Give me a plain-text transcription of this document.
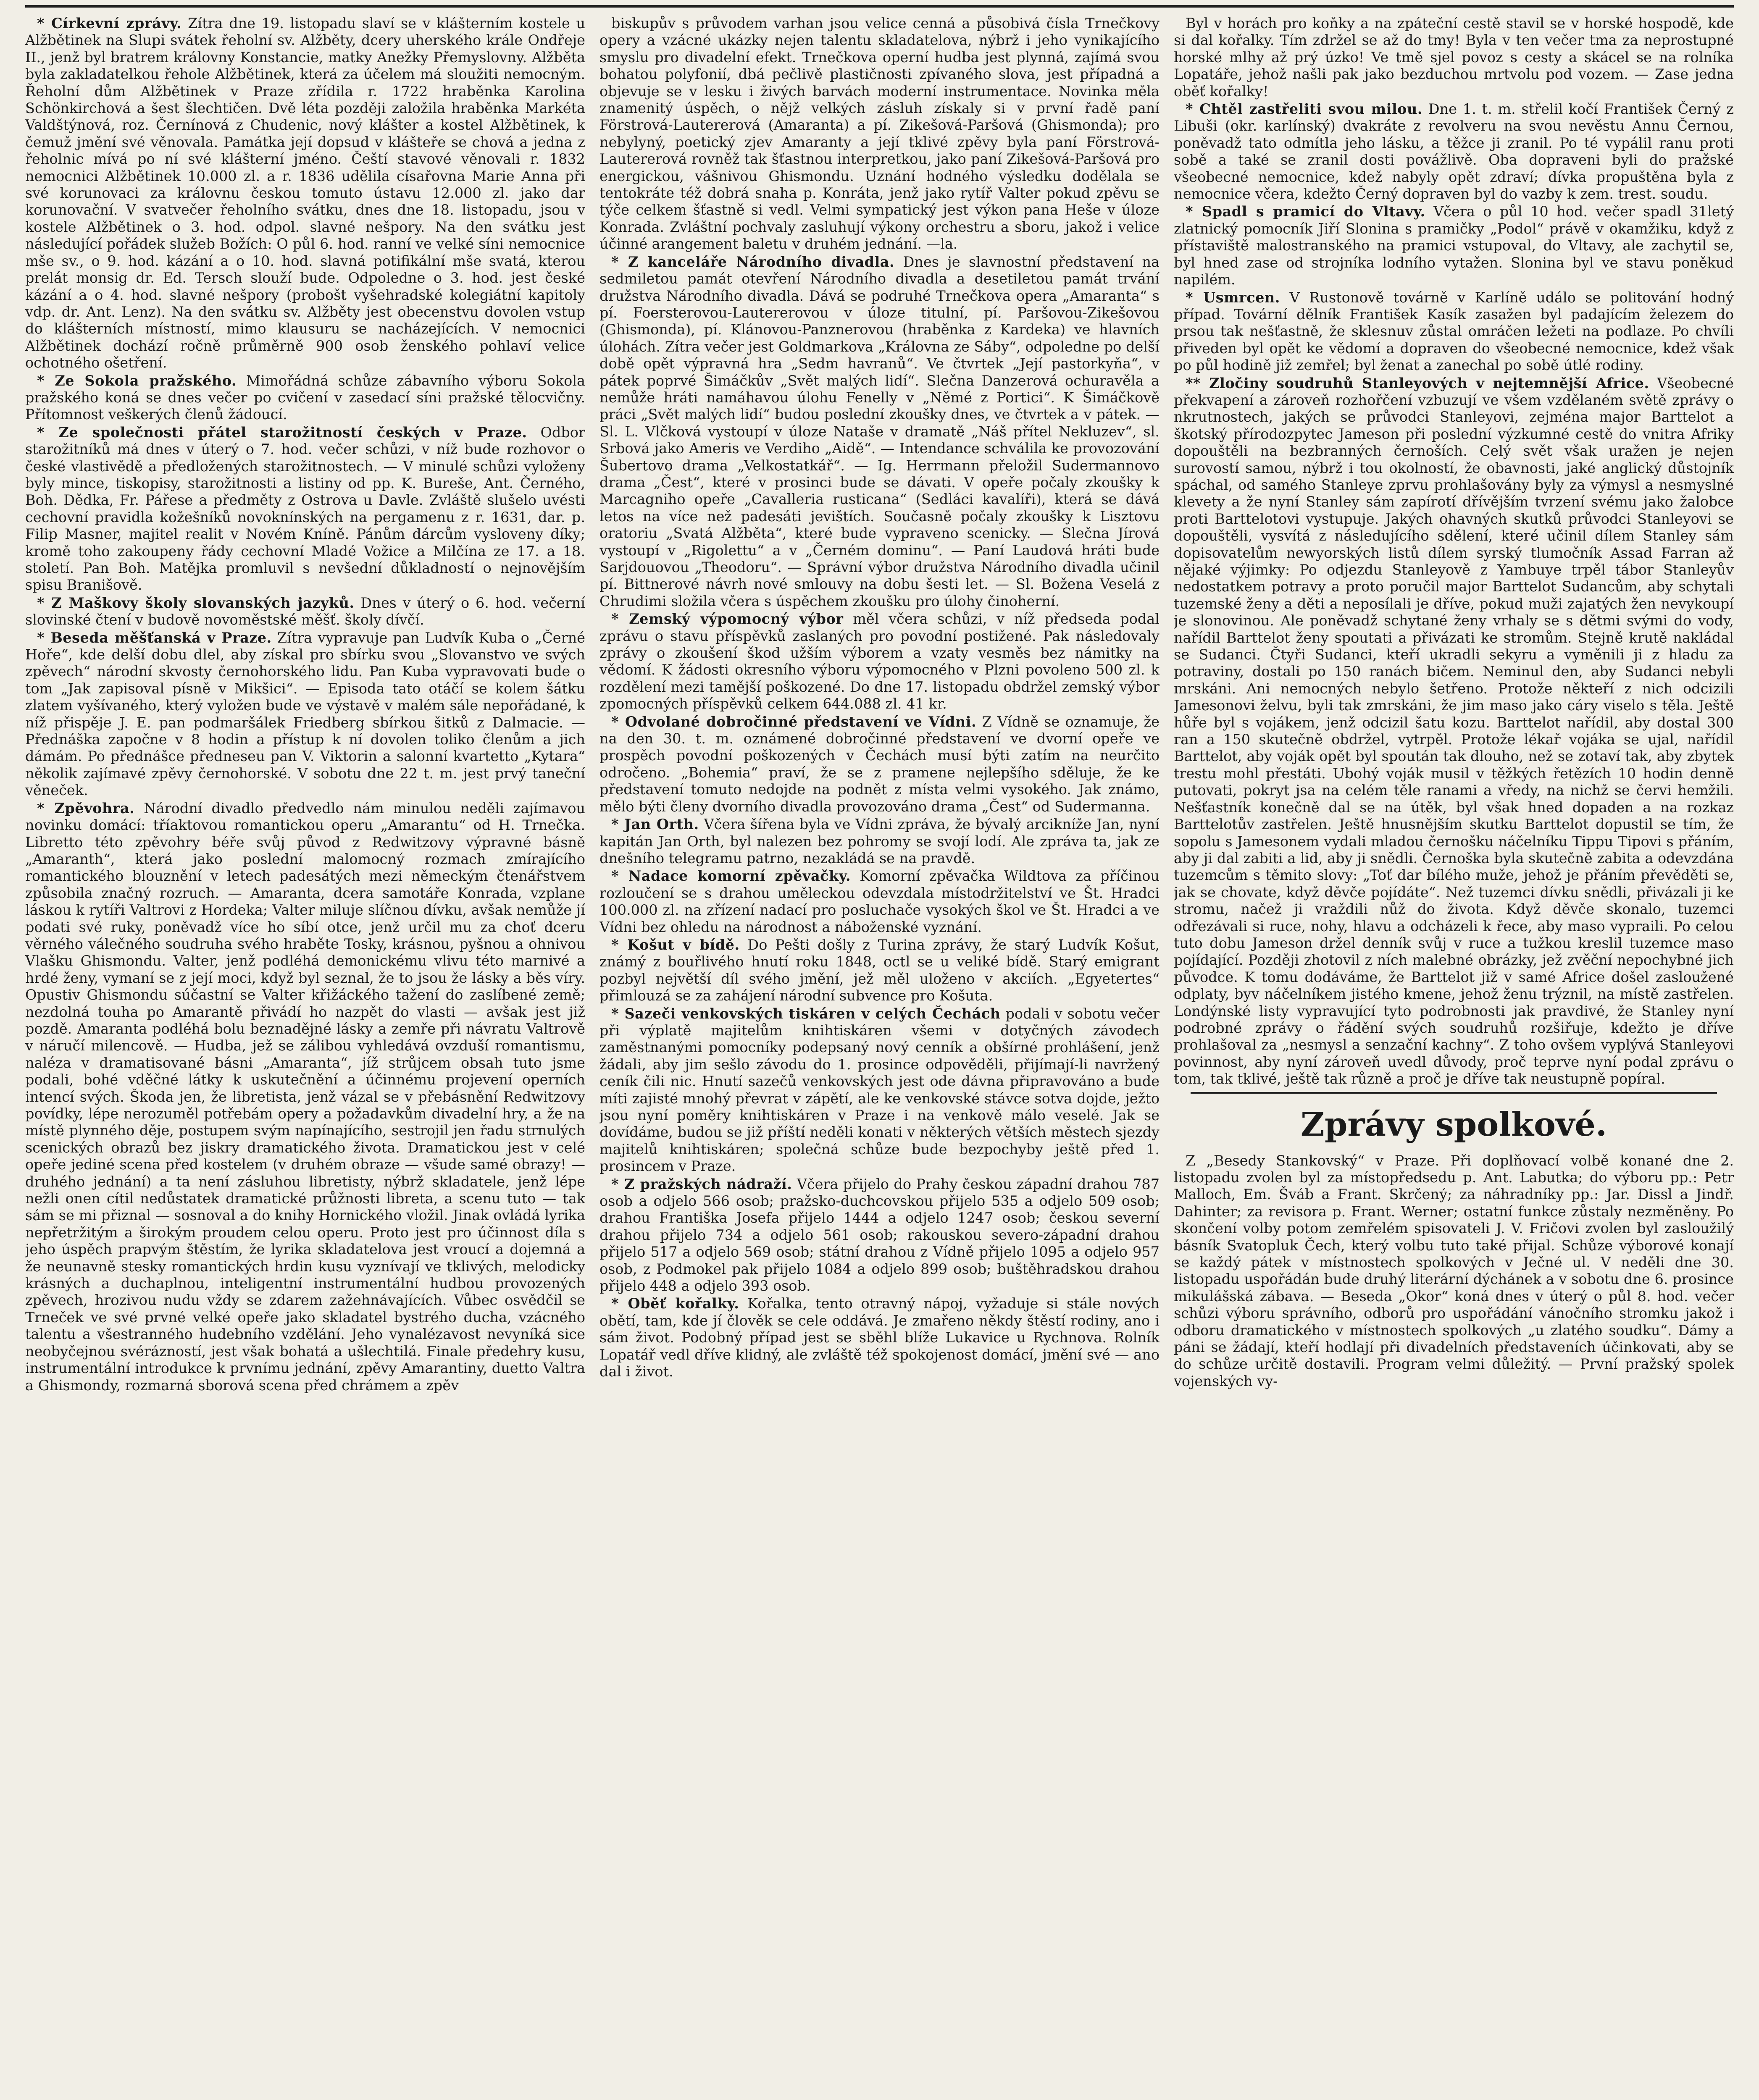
* Církevní zprávy. Zítra dne 19. listopadu slaví se v klášterním kostele u Alžbětinek na Slupi svátek řeholní sv. Alžběty, dcery uherského krále Ondřeje II., jenž byl bratrem královny Konstancie, matky Anežky Přemyslovny. Alžběta byla zakladatelkou řehole Alžbětinek, která za účelem má sloužiti nemocným. Řeholní dům Alžbětinek v Praze zřídila r. 1722 hraběnka Karolina Schönkirchová a šest šlechtičen. Dvě léta později založila hraběnka Markéta Valdštýnová, roz. Černínová z Chudenic, nový klášter a kostel Alžbětinek, k čemuž jmění své věnovala. Památka její dopsud v klášteře se chová a jedna z řeholnic mívá po ní své klášterní jméno. Čeští stavové věnovali r. 1832 nemocnici Alžbětinek 10.000 zl. a r. 1836 udělila císařovna Marie Anna při své korunovaci za královnu českou tomuto ústavu 12.000 zl. jako dar korunovační. V svatvečer řeholního svátku, dnes dne 18. listopadu, jsou v kostele Alžbětinek o 3. hod. odpol. slavné nešpory. Na den svátku jest následující pořádek služeb Božích: O půl 6. hod. ranní ve velké síni nemocnice mše sv., o 9. hod. kázání a o 10. hod. slavná potifikální mše svatá, kterou prelát monsig dr. Ed. Tersch slouží bude. Odpoledne o 3. hod. jest české kázání a o 4. hod. slavné nešpory (probošt vyšehradské kolegiátní kapitoly vdp. dr. Ant. Lenz). Na den svátku sv. Alžběty jest obecenstvu dovolen vstup do klášterních místností, mimo klausuru se nacházejících. V nemocnici Alžbětinek dochází ročně průměrně 900 osob ženského pohlaví velice ochotného ošetření.

* Ze Sokola pražského. Mimořádná schůze zábavního výboru Sokola pražského koná se dnes večer po cvičení v zasedací síni pražské tělocvičny. Přítomnost veškerých členů žádoucí.

* Ze společnosti přátel starožitností českých v Praze. Odbor starožitníků má dnes v úterý o 7. hod. večer schůzi, v níž bude rozhovor o české vlastivědě a předložených starožitnostech. — V minulé schůzi vyloženy byly mince, tiskopisy, starožitnosti a listiny od pp. K. Bureše, Ant. Černého, Boh. Dědka, Fr. Pářese a předměty z Ostrova u Davle. Zvláště slušelo uvésti cechovní pravidla kožešníků novoknínských na pergamenu z r. 1631, dar. p. Filip Masner, majitel realit v Novém Kníně. Pánům dárcům vysloveny díky; kromě toho zakoupeny řády cechovní Mladé Vožice a Milčína ze 17. a 18. století. Pan Boh. Matějka promluvil s nevšední důkladností o nejnovějším spisu Branišově.

* Z Maškovy školy slovanských jazyků. Dnes v úterý o 6. hod. večerní slovinské čtení v budově novoměstské měšť. školy dívčí.

* Beseda měšťanská v Praze. Zítra vypravuje pan Ludvík Kuba o „Černé Hoře“, kde delší dobu dlel, aby získal pro sbírku svou „Slovanstvo ve svých zpěvech“ národní skvosty černohorského lidu. Pan Kuba vypravovati bude o tom „Jak zapisoval písně v Mikšici“. — Episoda tato otáčí se kolem šátku zlatem vyšívaného, který vyložen bude ve výstavě v malém sále nepořádané, k níž přispěje J. E. pan podmaršálek Friedberg sbírkou šitků z Dalmacie. — Přednáška započne v 8 hodin a přístup k ní dovolen toliko členům a jich dámám. Po přednášce předneseu pan V. Viktorin a salonní kvartetto „Kytara“ několik zajímavé zpěvy černohorské. V sobotu dne 22 t. m. jest prvý taneční věneček.

* Zpěvohra. Národní divadlo předvedlo nám minulou neděli zajímavou novinku domácí: tříaktovou romantickou operu „Amarantu“ od H. Trnečka. Libretto této zpěvohry béře svůj původ z Redwitzovy výpravné básně „Amaranth“, která jako poslední malomocný rozmach zmírajícího romantického blouznění v letech padesátých mezi německým čtenářstvem způsobila značný rozruch. — Amaranta, dcera samotáře Konrada, vzplane láskou k rytíři Valtrovi z Hordeka; Valter miluje slíčnou dívku, avšak nemůže jí podati své ruky, poněvadž více ho síbí otce, jenž určil mu za choť dceru věrného válečného soudruha svého hraběte Tosky, krásnou, pyšnou a ohnivou Vlašku Ghismondu. Valter, jenž podléhá demonickému vlivu této marnivé a hrdé ženy, vymaní se z její moci, když byl seznal, že to jsou že lásky a běs víry. Opustiv Ghismondu súčastní se Valter křižáckého tažení do zaslíbené země; nezdolná touha po Amarantě přivádí ho nazpět do vlasti — avšak jest již pozdě. Amaranta podléhá bolu beznadějné lásky a zemře při návratu Valtrově v náručí milencově. — Hudba, jež se zálibou vyhledává ovzduší romantismu, naléza v dramatisované básni „Amaranta“, jíž strůjcem obsah tuto jsme podali, bohé vděčné látky k uskutečnění a účinnému projevení operních intencí svých. Škoda jen, že libretista, jenž vázal se v přebásnění Redwitzovy povídky, lépe nerozuměl potřebám opery a požadavkům divadelní hry, a že na místě plynného děje, postupem svým napínajícího, sestrojil jen řadu strnulých scenických obrazů bez jiskry dramatického života. Dramatickou jest v celé opeře jediné scena před kostelem (v druhém obraze — všude samé obrazy! — druhého jednání) a ta není zásluhou libretisty, nýbrž skladatele, jenž lépe nežli onen cítil nedůstatek dramatické průžnosti libreta, a scenu tuto — tak sám se mi přiznal — sosnoval a do knihy Hornického vložil. Jinak ovládá lyrika nepřetržitým a širokým proudem celou operu. Proto jest pro účinnost díla s jeho úspěch prapvým štěstím, že lyrika skladatelova jest vroucí a dojemná a že neunavně stesky romantických hrdin kusu vyznívají ve tklivých, melodicky krásných a duchaplnou, inteligentní instrumentální hudbou provozených zpěvech, hrozivou nudu vždy se zdarem zažehnávajících. Vůbec osvědčil se Trneček ve své prvné velké opeře jako skladatel bystrého ducha, vzácného talentu a všestranného hudebního vzdělání. Jeho vynalézavost nevyníká sice neobyčejnou svérázností, jest však bohatá a ušlechtilá. Finale předehry kusu, instrumentální introdukce k prvnímu jednání, zpěvy Amarantiny, duetto Valtra a Ghismondy, rozmarná sborová scena před chrámem a zpěv

biskupův s průvodem varhan jsou velice cenná a působivá čísla Trnečkovy opery a vzácné ukázky nejen talentu skladatelova, nýbrž i jeho vynikajícího smyslu pro divadelní efekt. Trnečkova operní hudba jest plynná, zajímá svou bohatou polyfonií, dbá pečlivě plastičnosti zpívaného slova, jest případná a objevuje se v lesku i živých barvách moderní instrumentace. Novinka měla znamenitý úspěch, o nějž velkých zásluh získaly si v první řadě paní Förstrová-Lautererová (Amaranta) a pí. Zikešová-Paršová (Ghismonda); pro nebylyný, poetický zjev Amaranty a její tklivé zpěvy byla paní Förstrová-Lautererová rovněž tak šťastnou interpretkou, jako paní Zikešová-Paršová pro energickou, vášnivou Ghismondu. Uznání hodného výsledku dodělala se tentokráte též dobrá snaha p. Konráta, jenž jako rytíř Valter pokud zpěvu se týče celkem šťastně si vedl. Velmi sympatický jest výkon pana Heše v úloze Konrada. Zvláštní pochvaly zasluhují výkony orchestru a sboru, jakož i velice účinné arangement baletu v druhém jednání. —la.

* Z kanceláře Národního divadla. Dnes je slavnostní představení na sedmiletou památ otevření Národního divadla a desetiletou památ trvání družstva Národního divadla. Dává se podruhé Trnečkova opera „Amaranta“ s pí. Foersterovou-Lautererovou v úloze titulní, pí. Paršovou-Zikešovou (Ghismonda), pí. Klánovou-Panznerovou (hraběnka z Kardeka) ve hlavních úlohách. Zítra večer jest Goldmarkova „Královna ze Sáby“, odpoledne po delší době opět výpravná hra „Sedm havranů“. Ve čtvrtek „Její pastorkyňa“, v pátek poprvé Šimáčkův „Svět malých lidí“. Slečna Danzerová ochuravěla a nemůže hráti namáhavou úlohu Fenelly v „Němé z Portici“. K Šimáčkově práci „Svět malých lidí“ budou poslední zkoušky dnes, ve čtvrtek a v pátek. — Sl. L. Vlčková vystoupí v úloze Nataše v dramatě „Náš přítel Nekluzev“, sl. Srbová jako Ameris ve Verdiho „Aidě“. — Intendance schválila ke provozování Šubertovo drama „Velkostatkář“. — Ig. Herrmann přeložil Sudermannovo drama „Čest“, které v prosinci bude se dávati. V opeře počaly zkoušky k Marcagniho opeře „Cavalleria rusticana“ (Sedláci kavalíři), která se dává letos na více než padesáti jevištích. Současně počaly zkoušky k Lisztovu oratoriu „Svatá Alžběta“, které bude vypraveno scenicky. — Slečna Jírová vystoupí v „Rigolettu“ a v „Černém dominu“. — Paní Laudová hráti bude Sarjdouovou „Theodoru“. — Správní výbor družstva Národního divadla učinil pí. Bittnerové návrh nové smlouvy na dobu šesti let. — Sl. Božena Veselá z Chrudimi složila včera s úspěchem zkoušku pro úlohy činoherní.

* Zemský výpomocný výbor měl včera schůzi, v níž předseda podal zprávu o stavu příspěvků zaslaných pro povodní postižené. Pak následovaly zprávy o zkoušení škod užším výborem a vzaty vesměs bez námitky na vědomí. K žádosti okresního výboru výpomocného v Plzni povoleno 500 zl. k rozdělení mezi tamější poškozené. Do dne 17. listopadu obdržel zemský výbor zpomocných příspěvků celkem 644.088 zl. 41 kr.

* Odvolané dobročinné představení ve Vídni. Z Vídně se oznamuje, že na den 30. t. m. oznámené dobročinné představení ve dvorní opeře ve prospěch povodní poškozených v Čechách musí býti zatím na neurčito odročeno. „Bohemia“ praví, že se z pramene nejlepšího sděluje, že ke představení tomuto nedojde na podnět z místa velmi vysokého. Jak známo, mělo býti členy dvorního divadla provozováno drama „Čest“ od Sudermanna.

* Jan Orth. Včera šířena byla ve Vídni zpráva, že bývalý arcikníže Jan, nyní kapitán Jan Orth, byl nalezen bez pohromy se svojí lodí. Ale zpráva ta, jak ze dnešního telegramu patrno, nezakládá se na pravdě.

* Nadace komorní zpěvačky. Komorní zpěvačka Wildtova za příčinou rozloučení se s drahou uměleckou odevzdala místodržitelství ve Št. Hradci 100.000 zl. na zřízení nadací pro posluchače vysokých škol ve Št. Hradci a ve Vídni bez ohledu na národnost a náboženské vyznání.

* Košut v bídě. Do Pešti došly z Turina zprávy, že starý Ludvík Košut, známý z bouřlivého hnutí roku 1848, octl se u veliké bídě. Starý emigrant pozbyl největší díl svého jmění, jež měl uloženo v akciích. „Egyetertes“ přimlouzá se za zahájení národní subvence pro Košuta.

* Sazeči venkovských tiskáren v celých Čechách podali v sobotu večer při výplatě majitelům knihtiskáren všemi v dotyčných závodech zaměstnanými pomocníky podepsaný nový cenník a obšírné prohlášení, jenž žádali, aby jim sešlo závodu do 1. prosince odpověděli, přijímají-li navržený ceník čili nic. Hnutí sazečů venkovských jest ode dávna připravováno a bude míti zajisté mnohý převrat v zápětí, ale ke venkovské stávce sotva dojde, ježto jsou nyní poměry knihtiskáren v Praze i na venkově málo veselé. Jak se dovídáme, budou se již příští neděli konati v některých větších městech sjezdy majitelů knihtiskáren; společná schůze bude bezpochyby ještě před 1. prosincem v Praze.

* Z pražských nádraží. Včera přijelo do Prahy českou západní drahou 787 osob a odjelo 566 osob; pražsko-duchcovskou přijelo 535 a odjelo 509 osob; drahou Františka Josefa přijelo 1444 a odjelo 1247 osob; českou severní drahou přijelo 734 a odjelo 561 osob; rakouskou severo-západní drahou přijelo 517 a odjelo 569 osob; státní drahou z Vídně přijelo 1095 a odjelo 957 osob, z Podmokel pak přijelo 1084 a odjelo 899 osob; buštěhradskou drahou přijelo 448 a odjelo 393 osob.

* Oběť kořalky. Kořalka, tento otravný nápoj, vyžaduje si stále nových obětí, tam, kde jí člověk se cele oddává. Je zmařeno někdy štěstí rodiny, ano i sám život. Podobný případ jest se sběhl blíže Lukavice u Rychnova. Rolník Lopatář vedl dříve klidný, ale zvláště též spokojenost domácí, jmění své — ano dal i život.

Byl v horách pro koňky a na zpáteční cestě stavil se v horské hospodě, kde si dal kořalky. Tím zdržel se až do tmy! Byla v ten večer tma za neprostupné horské mlhy až prý úzko! Ve tmě sjel povoz s cesty a skácel se na rolníka Lopatáře, jehož našli pak jako bezduchou mrtvolu pod vozem. — Zase jedna oběť kořalky!

* Chtěl zastřeliti svou milou. Dne 1. t. m. střelil kočí František Černý z Libuši (okr. karlínský) dvakráte z revolveru na svou nevěstu Annu Černou, poněvadž tato odmítla jeho lásku, a těžce ji zranil. Po té vypálil ranu proti sobě a také se zranil dosti povážlivě. Oba dopraveni byli do pražské všeobecné nemocnice, kdež nabyly opět zdraví; dívka propuštěna byla z nemocnice včera, kdežto Černý dopraven byl do vazby k zem. trest. soudu.

* Spadl s pramicí do Vltavy. Včera o půl 10 hod. večer spadl 31letý zlatnický pomocník Jiří Slonina s pramičky „Podol“ právě v okamžiku, když z přístaviště malostranského na pramici vstupoval, do Vltavy, ale zachytil se, byl hned zase od strojníka lodního vytažen. Slonina byl ve stavu poněkud napilém.

* Usmrcen. V Rustonově továrně v Karlíně událo se politování hodný případ. Tovární dělník František Kasík zasažen byl padajícím železem do prsou tak nešťastně, že sklesnuv zůstal omráčen ležeti na podlaze. Po chvíli přiveden byl opět ke vědomí a dopraven do všeobecné nemocnice, kdež však po půl hodině již zemřel; byl ženat a zanechal po sobě útlé rodiny.

** Zločiny soudruhů Stanleyových v nejtemnější Africe. Všeobecné překvapení a zároveň rozhořčení vzbuzují ve všem vzdělaném světě zprávy o nkrutnostech, jakých se průvodci Stanleyovi, zejména major Barttelot a škotský přírodozpytec Jameson při poslední výzkumné cestě do vnitra Afriky dopouštěli na bezbranných černoších. Celý svět však uražen je nejen surovostí samou, nýbrž i tou okolností, že obavnosti, jaké anglický důstojník spáchal, od samého Stanleye zprvu prohlašovány byly za výmysl a nesmyslné klevety a že nyní Stanley sám zapírotí dřívějším tvrzení svému jako žalobce proti Barttelotovi vystupuje. Jakých ohavných skutků průvodci Stanleyovi se dopouštěli, vysvítá z následujícího sdělení, které učinil dílem Stanley sám dopisovatelům newyorských listů dílem syrský tlumočník Assad Farran až nějaké výjimky: Po odjezdu Stanleyově z Yambuye trpěl tábor Stanleyův nedostatkem potravy a proto poručil major Barttelot Sudancům, aby schytali tuzemské ženy a děti a neposílali je dříve, pokud muži zajatých žen nevykoupí je slonovinou. Ale poněvadž schytané ženy vrhaly se s dětmi svými do vody, nařídil Barttelot ženy spoutati a přivázati ke stromům. Stejně krutě nakládal se Sudanci. Čtyři Sudanci, kteří ukradli sekyru a vyměnili ji z hladu za potraviny, dostali po 150 ranách bičem. Neminul den, aby Sudanci nebyli mrskáni. Ani nemocných nebylo šetřeno. Protože někteří z nich odcizili Jamesonovi želvu, byli tak zmrskáni, že jim maso jako cáry viselo s těla. Ještě hůře byl s vojákem, jenž odcizil šatu kozu. Barttelot nařídil, aby dostal 300 ran a 150 skutečně obdržel, vytrpěl. Protože lékař vojáka se ujal, nařídil Barttelot, aby voják opět byl spoután tak dlouho, než se zotaví tak, aby zbytek trestu mohl přestáti. Ubohý voják musil v těžkých řetězích 10 hodin denně putovati, pokryt jsa na celém těle ranami a vředy, na nichž se červi hemžili. Nešťastník konečně dal se na útěk, byl však hned dopaden a na rozkaz Barttelotův zastřelen. Ještě hnusnějším skutku Barttelot dopustil se tím, že sopolu s Jamesonem vydali mladou černošku náčelníku Tippu Tipovi s přáním, aby ji dal zabiti a lid, aby ji snědli. Černoška byla skutečně zabita a odevzdána tuzemcům s těmito slovy: „Toť dar bílého muže, jehož je přáním převěděti se, jak se chovate, když děvče pojídáte“. Než tuzemci dívku snědli, přivázali ji ke stromu, načež ji vraždili nůž do života. Když děvče skonalo, tuzemci odřezávali si ruce, nohy, hlavu a odcházeli k řece, aby maso vypraili. Po celou tuto dobu Jameson držel denník svůj v ruce a tužkou kreslil tuzemce maso pojídající. Později zhotovil z ních malebné obrázky, jež zvěční nepochybné jich původce. K tomu dodáváme, že Barttelot již v samé Africe došel zasloužené odplaty, byv náčelníkem jistého kmene, jehož ženu trýznil, na místě zastřelen. Londýnské listy vypravující tyto podrobnosti jak pravdivé, že Stanley nyní podrobné zprávy o řádění svých soudruhů rozšiřuje, kdežto je dříve prohlašoval za „nesmysl a senzační kachny“. Z toho ovšem vyplývá Stanleyovi povinnost, aby nyní zároveň uvedl důvody, proč teprve nyní podal zprávu o tom, tak tklivé, ještě tak různě a proč je dříve tak neustupně popíral.

Zprávy spolkové.

Z „Besedy Stankovský“ v Praze. Při doplňovací volbě konané dne 2. listopadu zvolen byl za místopředsedu p. Ant. Labutka; do výboru pp.: Petr Malloch, Em. Šváb a Frant. Skrčený; za náhradníky pp.: Jar. Dissl a Jindř. Dahinter; za revisora p. Frant. Werner; ostatní funkce zůstaly nezměněny. Po skončení volby potom zemřelém spisovateli J. V. Fričovi zvolen byl zasloužilý básník Svatopluk Čech, který volbu tuto také přijal. Schůze výborové konají se každý pátek v místnostech spolkových v Ječné ul. V neděli dne 30. listopadu uspořádán bude druhý literární dýchánek a v sobotu dne 6. prosince mikulášská zábava. — Beseda „Okor“ koná dnes v úterý o půl 8. hod. večer schůzi výboru správního, odborů pro uspořádání vánočního stromku jakož i odboru dramatického v místnostech spolkových „u zlatého soudku“. Dámy a páni se žádají, kteří hodlají při divadelních představeních účinkovati, aby se do schůze určitě dostavili. Program velmi důležitý. — První pražský spolek vojenských vy-
